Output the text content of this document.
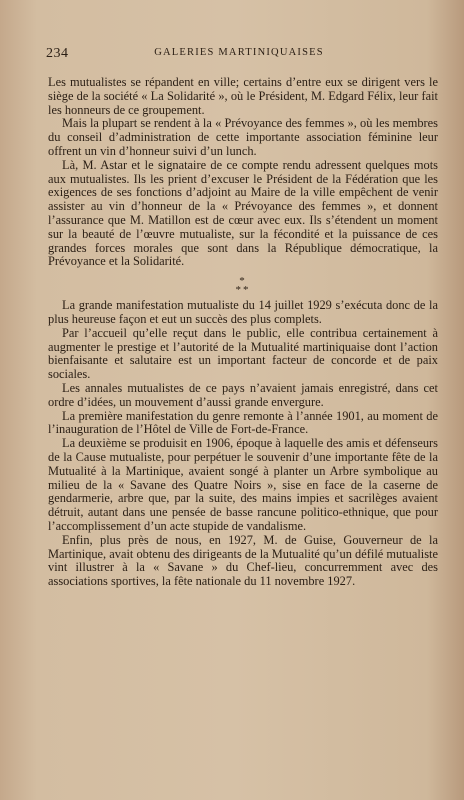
234	GALERIES MARTINIQUAISES

Les mutualistes se répandent en ville; certains d’entre eux se dirigent vers le siège de la société « La Solidarité », où le Président, M. Edgard Félix, leur fait les honneurs de ce groupement.

Mais la plupart se rendent à la « Prévoyance des femmes », où les membres du conseil d’administration de cette importante association féminine leur offrent un vin d’honneur suivi d’un lunch.

Là, M. Astar et le signataire de ce compte rendu adressent quelques mots aux mutualistes. Ils les prient d’excuser le Président de la Fédération que les exigences de ses fonctions d’adjoint au Maire de la ville empêchent de venir assister au vin d’honneur de la « Prévoyance des femmes », et donnent l’assurance que M. Matillon est de cœur avec eux. Ils s’étendent un moment sur la beauté de l’œuvre mutualiste, sur la fécondité et la puissance de ces grandes forces morales que sont dans la République démocratique, la Prévoyance et la Solidarité.

*
**

La grande manifestation mutualiste du 14 juillet 1929 s’exécuta donc de la plus heureuse façon et eut un succès des plus complets.

Par l’accueil qu’elle reçut dans le public, elle contribua certainement à augmenter le prestige et l’autorité de la Mutualité martiniquaise dont l’action bienfaisante et salutaire est un important facteur de concorde et de paix sociales.

Les annales mutualistes de ce pays n’avaient jamais enregistré, dans cet ordre d’idées, un mouvement d’aussi grande envergure.

La première manifestation du genre remonte à l’année 1901, au moment de l’inauguration de l’Hôtel de Ville de Fort-de-France.

La deuxième se produisit en 1906, époque à laquelle des amis et défenseurs de la Cause mutualiste, pour perpétuer le souvenir d’une importante fête de la Mutualité à la Martinique, avaient songé à planter un Arbre symbolique au milieu de la « Savane des Quatre Noirs », sise en face de la caserne de gendarmerie, arbre que, par la suite, des mains impies et sacrilèges avaient détruit, autant dans une pensée de basse rancune politico-ethnique, que pour l’accomplissement d’un acte stupide de vandalisme.

Enfin, plus près de nous, en 1927, M. de Guise, Gouverneur de la Martinique, avait obtenu des dirigeants de la Mutualité qu’un défilé mutualiste vint illustrer à la « Savane » du Chef-lieu, concurremment avec des associations sportives, la fête nationale du 11 novembre 1927.
